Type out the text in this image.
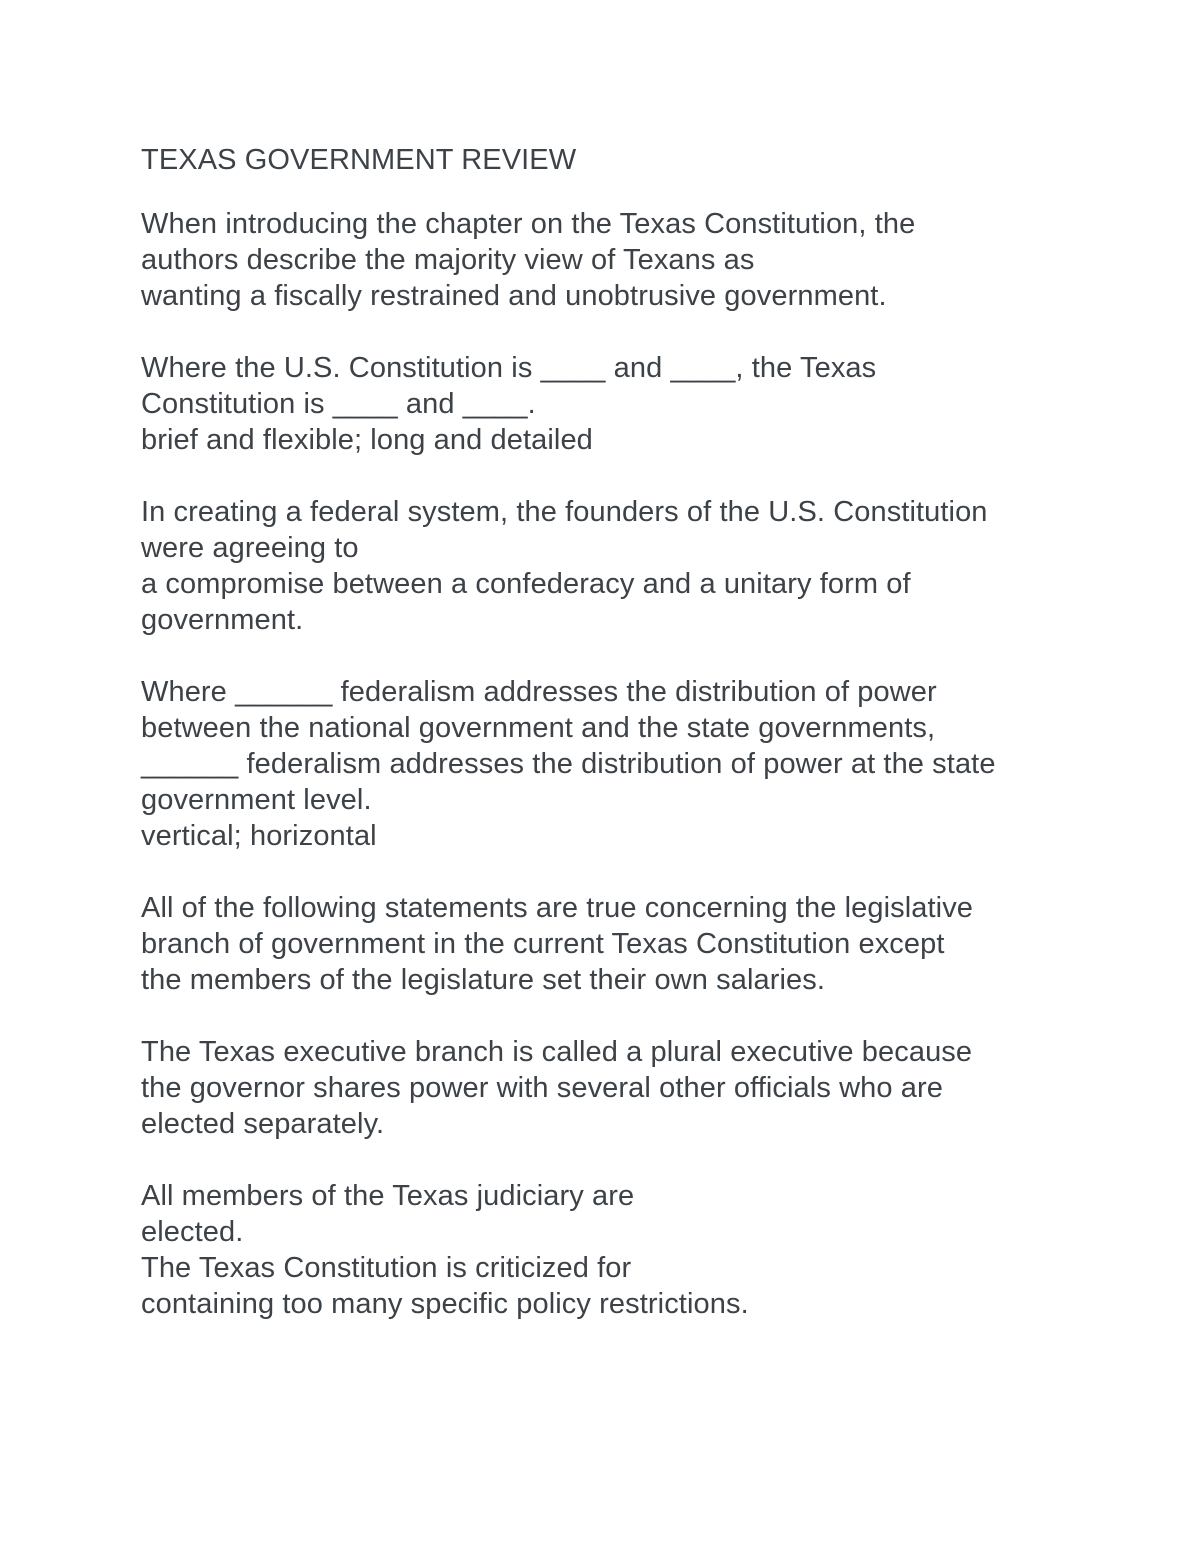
TEXAS GOVERNMENT REVIEW
When introducing the chapter on the Texas Constitution, the
authors describe the majority view of Texans as
wanting a fiscally restrained and unobtrusive government.
Where the U.S. Constitution is ____ and ____, the Texas
Constitution is ____ and ____.
brief and flexible; long and detailed
In creating a federal system, the founders of the U.S. Constitution
were agreeing to
a compromise between a confederacy and a unitary form of
government.
Where ______ federalism addresses the distribution of power
between the national government and the state governments,
______ federalism addresses the distribution of power at the state
government level.
vertical; horizontal
All of the following statements are true concerning the legislative
branch of government in the current Texas Constitution except
the members of the legislature set their own salaries.
The Texas executive branch is called a plural executive because
the governor shares power with several other officials who are
elected separately.
All members of the Texas judiciary are
elected.
The Texas Constitution is criticized for
containing too many specific policy restrictions.
